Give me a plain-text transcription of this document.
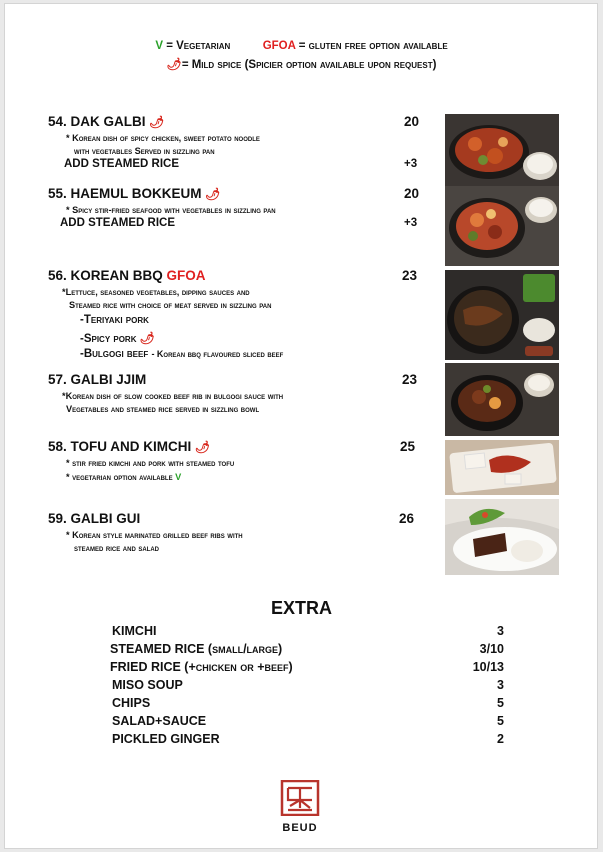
V = Vegetarian	GFOA = gluten free option available
🌶= Mild spice (Spicier option available upon request)
54. DAK GALBI 🌶	20
* Korean dish of spicy chicken, sweet potato noodle
with vegetables Served in sizzling pan
ADD STEAMED RICE	+3
55. HAEMUL BOKKEUM 🌶	20
* Spicy stir-fried seafood with vegetables in sizzling pan
ADD STEAMED RICE	+3
56. KOREAN BBQ GFOA	23
*Lettuce, seasoned vegetables, dipping sauces and
Steamed rice with choice of meat served in sizzling pan
-Teriyaki pork
-Spicy pork 🌶
-Bulgogi beef - Korean bbq flavoured sliced beef
57. GALBI JJIM	23
*Korean dish of slow cooked beef rib in bulgogi sauce with
Vegetables and steamed rice served in sizzling bowl
58. TOFU AND KIMCHI 🌶	25
* stir fried kimchi and pork with steamed tofu
* vegetarian option available V
59. GALBI GUI	26
* Korean style marinated grilled beef ribs with
steamed rice and salad
EXTRA
KIMCHI	3
STEAMED RICE (small/large)	3/10
FRIED RICE (+chicken or +beef)	10/13
MISO SOUP	3
CHIPS	5
SALAD+SAUCE	5
PICKLED GINGER	2
BEUD
